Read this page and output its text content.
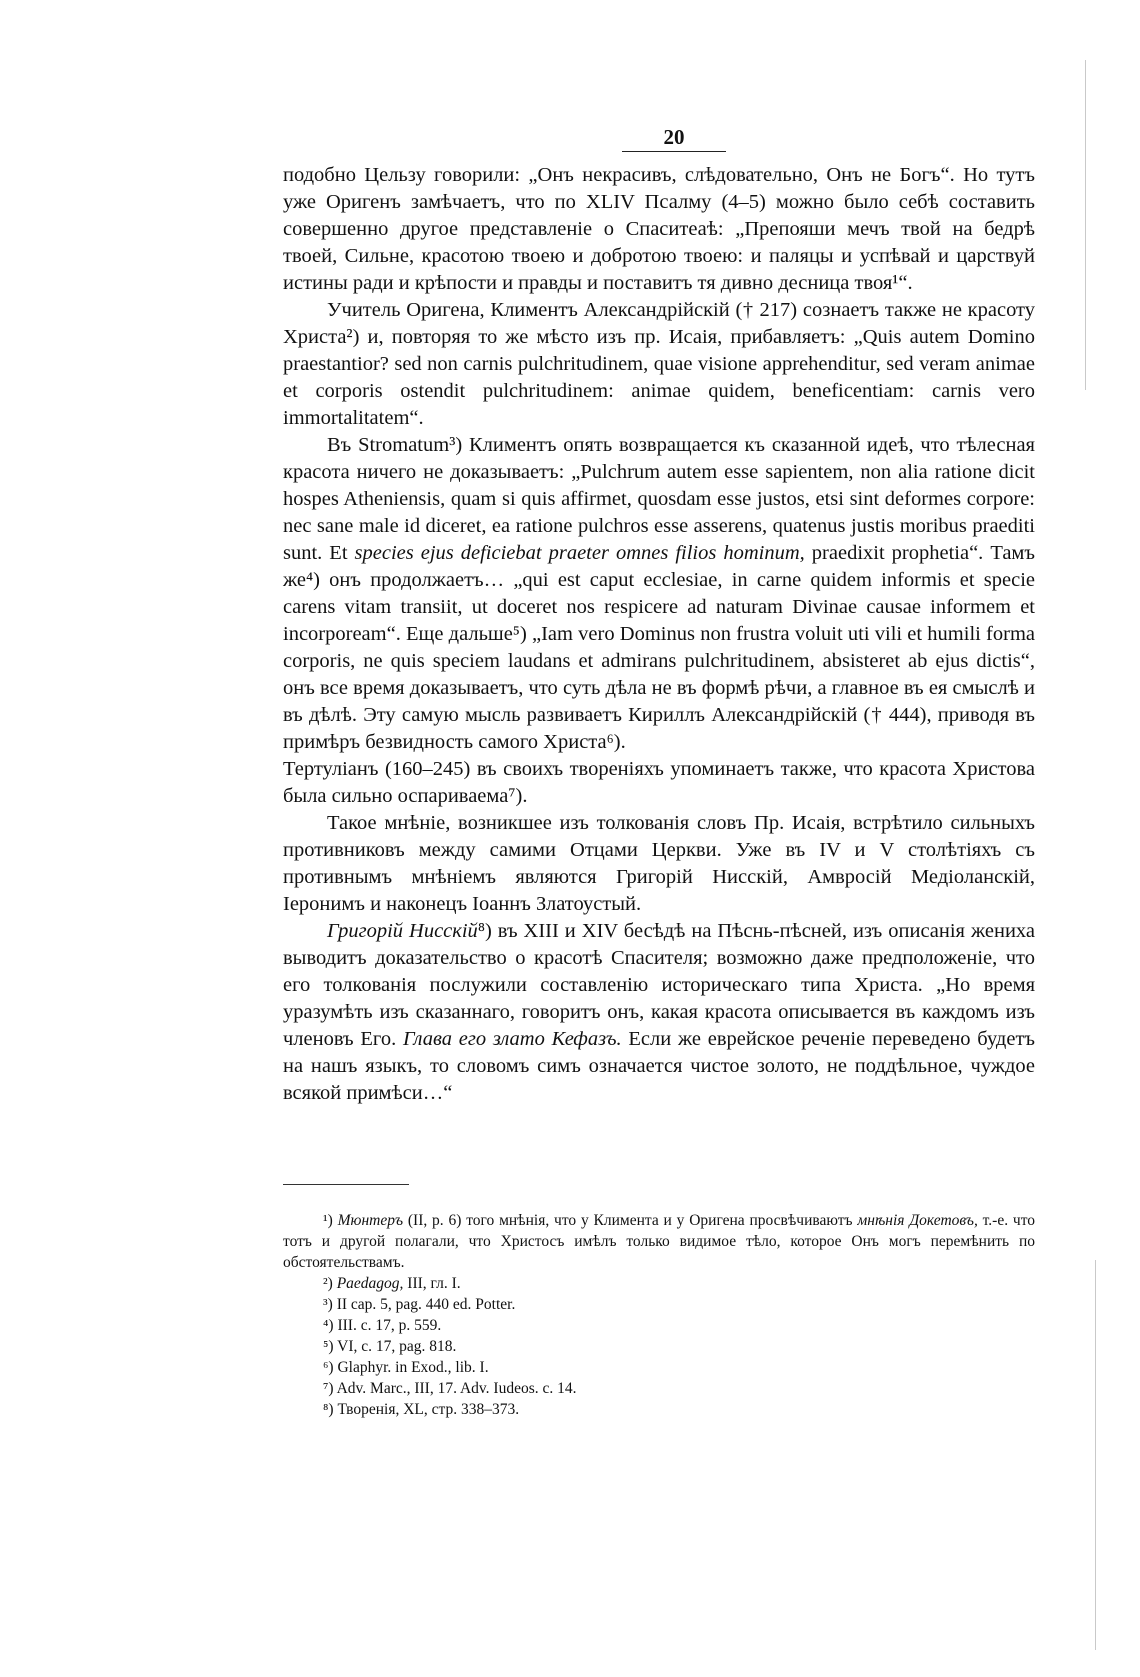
20

подобно Цельзу говорили: „Онъ некрасивъ, слѣдовательно, Онъ не Богъ“. Но тутъ уже Оригенъ замѣчаетъ, что по XLIV Псалму (4–5) можно было себѣ составить совершенно другое представленіе о Спаситеаѣ: „Препояши мечъ твой на бедрѣ твоей, Сильне, красотою твоею и добротою твоею: и паляцы и успѣвай и царствуй истины ради и крѣпости и правды и поставитъ тя дивно десница твоя¹“.

Учитель Оригена, Климентъ Александрійскій († 217) сознаетъ также не красоту Христа²) и, повторяя то же мѣсто изъ пр. Исаія, прибавляетъ: „Quis autem Domino praestantior? sed non carnis pulchritudinem, quae visione apprehenditur, sed veram animae et corporis ostendit pulchritudinem: animae quidem, beneficentiam: carnis vero immortalitatem“.

Въ Stromatum³) Климентъ опять возвращается къ сказанной идеѣ, что тѣлесная красота ничего не доказываетъ: „Pulchrum autem esse sapientem, non alia ratione dicit hospes Atheniensis, quam si quis affirmet, quosdam esse justos, etsi sint deformes corpore: nec sane male id diceret, ea ratione pulchros esse asserens, quatenus justis moribus praediti sunt. Et species ejus deficiebat praeter omnes filios hominum, praedixit prophetia“. Тамъ же⁴) онъ продолжаетъ… „qui est caput ecclesiae, in carne quidem informis et specie carens vitam transiit, ut doceret nos respicere ad naturam Divinae causae informem et incorpoream“. Еще дальше⁵) „Iam vero Dominus non frustra voluit uti vili et humili forma corporis, ne quis speciem laudans et admirans pulchritudinem, absisteret ab ejus dictis“, онъ все время доказываетъ, что суть дѣла не въ формѣ рѣчи, а главное въ ея смыслѣ и въ дѣлѣ. Эту самую мысль развиваетъ Кириллъ Александрійскій († 444), приводя въ примѣръ безвидность самого Христа⁶).

Тертуліанъ (160–245) въ своихъ твореніяхъ упоминаетъ также, что красота Христова была сильно оспариваема⁷).

Такое мнѣніе, возникшее изъ толкованія словъ Пр. Исаія, встрѣтило сильныхъ противниковъ между самими Отцами Церкви. Уже въ IV и V столѣтіяхъ съ противнымъ мнѣніемъ являются Григорій Нисскій, Амвросій Медіоланскій, Іеронимъ и наконецъ Іоаннъ Златоустый.

Григорій Нисскій⁸) въ XIII и XIV бесѣдѣ на Пѣснь-пѣсней, изъ описанія жениха выводитъ доказательство о красотѣ Спасителя; возможно даже предположеніе, что его толкованія послужили составленію историческаго типа Христа. „Но время уразумѣть изъ сказаннаго, говоритъ онъ, какая красота описывается въ каждомъ изъ членовъ Его. Глава его злато Кефазъ. Если же еврейское реченіе переведено будетъ на нашъ языкъ, то словомъ симъ означается чистое золото, не поддѣльное, чуждое всякой примѣси…“

¹) Мюнтеръ (II, p. 6) того мнѣнія, что у Климента и у Оригена просвѣчиваютъ мнѣнія Докетовъ, т.-е. что тотъ и другой полагали, что Христосъ имѣлъ только видимое тѣло, которое Онъ могъ перемѣнить по обстоятельствамъ.

²) Paedagog, III, гл. I.

³) II cap. 5, pag. 440 ed. Potter.

⁴) III. c. 17, p. 559.

⁵) VI, c. 17, pag. 818.

⁶) Glaphyr. in Exod., lib. I.

⁷) Adv. Marc., III, 17. Adv. Iudeos. c. 14.

⁸) Творенія, XL, стр. 338–373.
